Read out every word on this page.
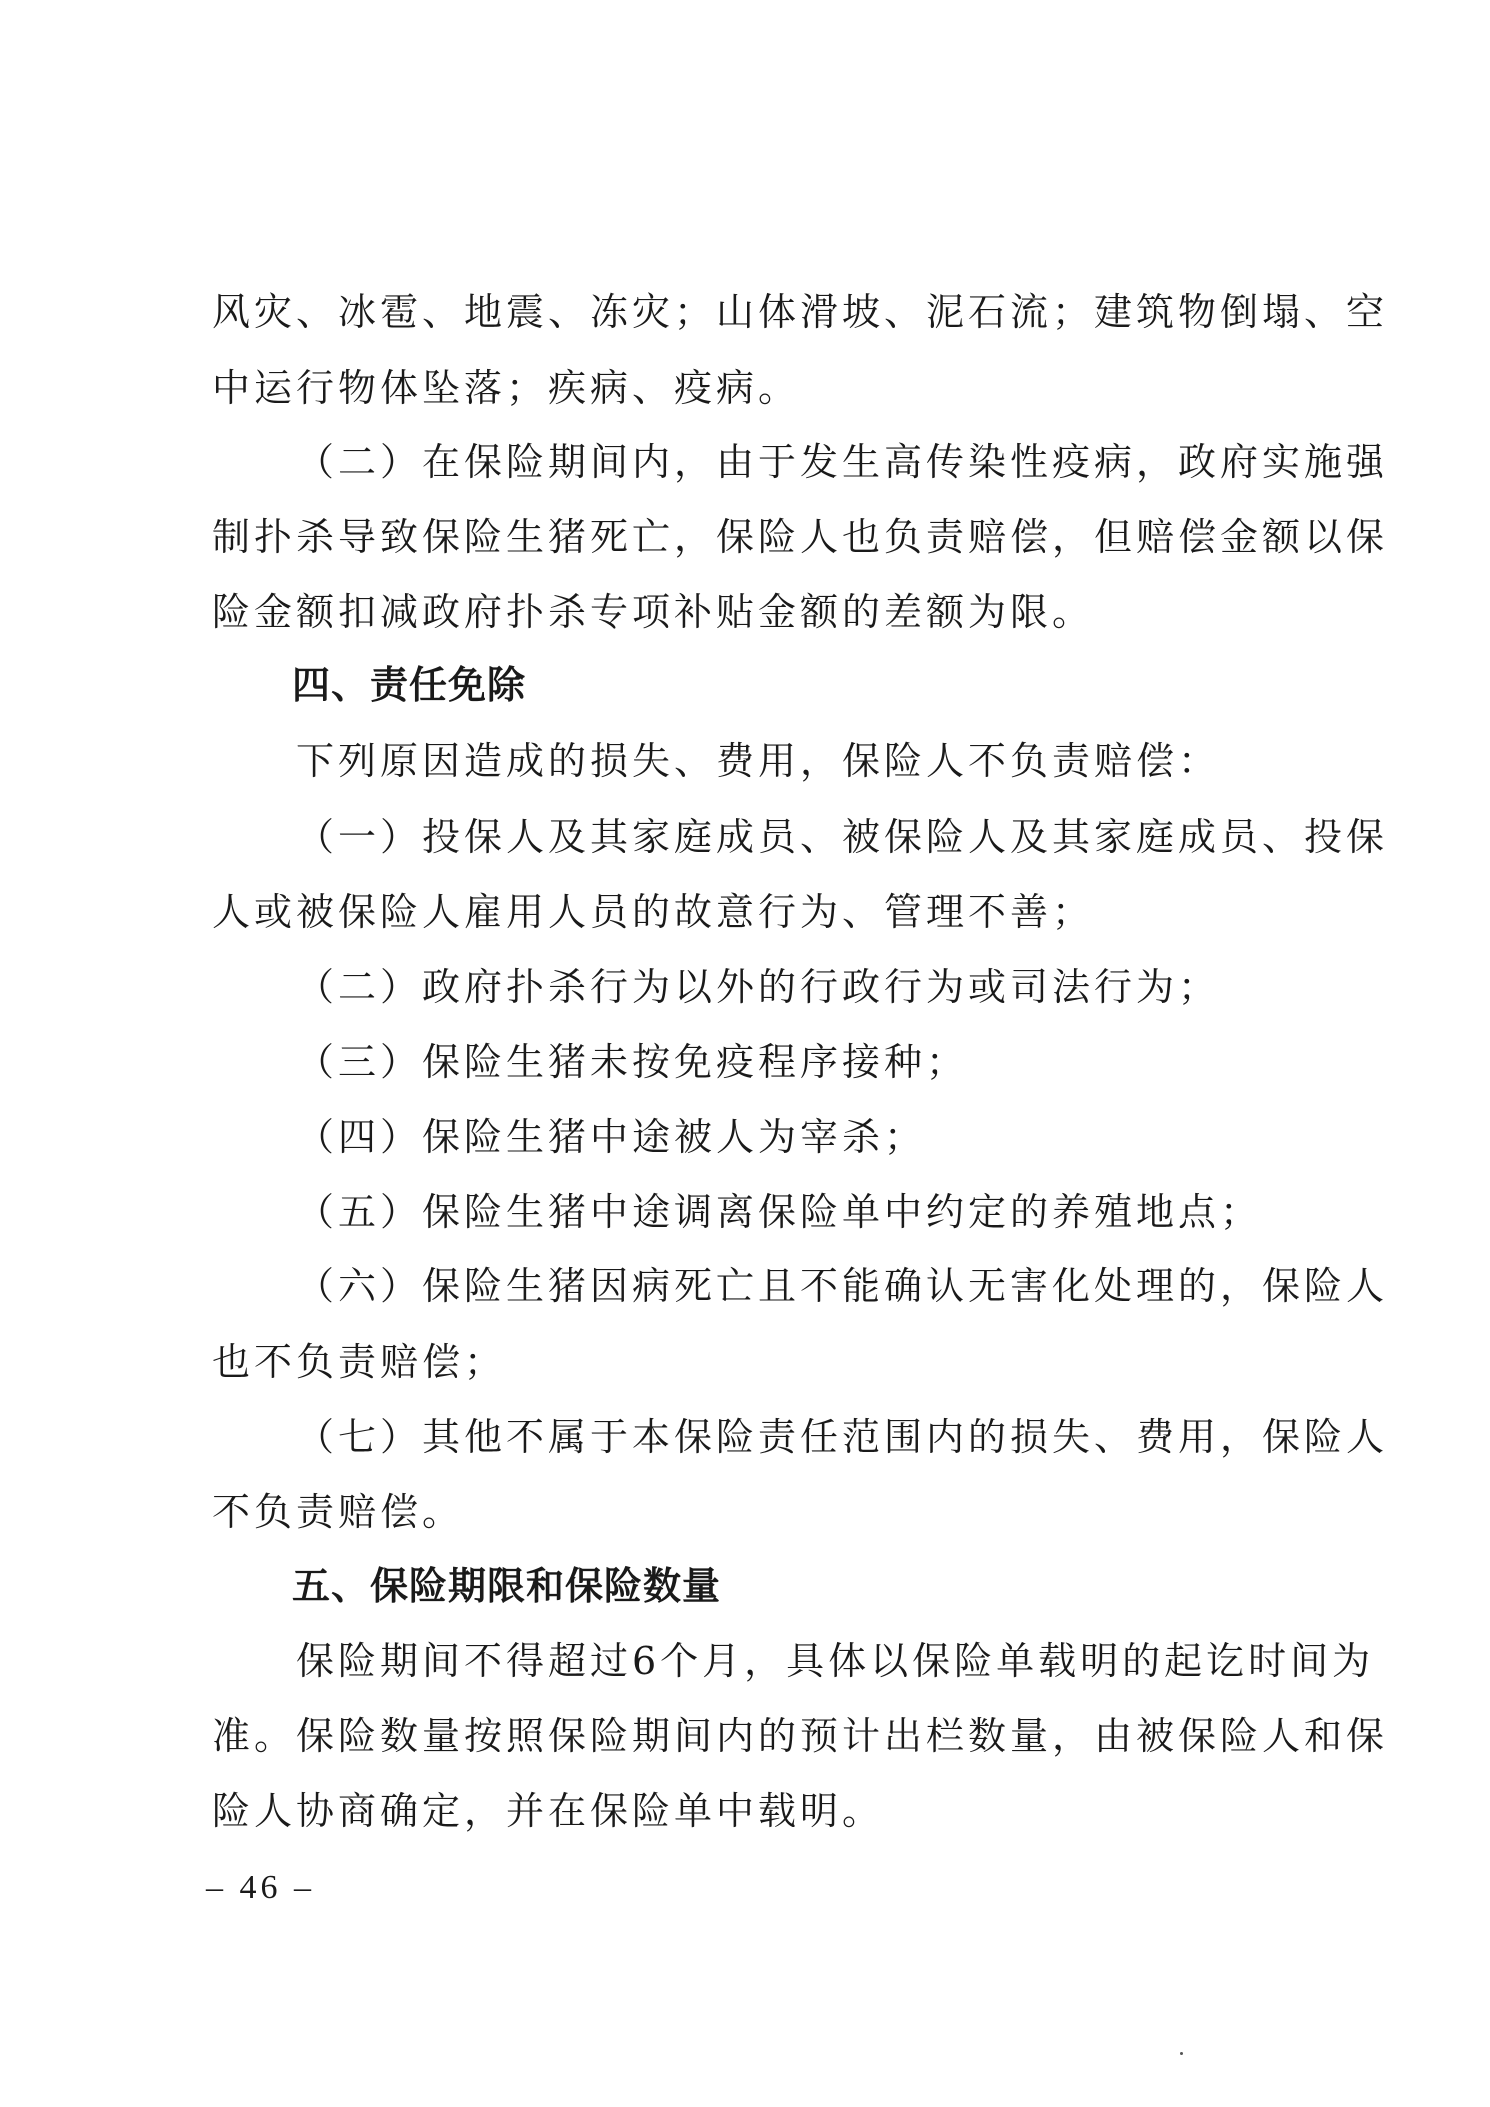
风灾、冰雹、地震、冻灾；山体滑坡、泥石流；建筑物倒塌、空
中运行物体坠落；疾病、疫病。
（二）在保险期间内，由于发生高传染性疫病，政府实施强
制扑杀导致保险生猪死亡，保险人也负责赔偿，但赔偿金额以保
险金额扣减政府扑杀专项补贴金额的差额为限。
四、责任免除
下列原因造成的损失、费用，保险人不负责赔偿：
（一）投保人及其家庭成员、被保险人及其家庭成员、投保
人或被保险人雇用人员的故意行为、管理不善；
（二）政府扑杀行为以外的行政行为或司法行为；
（三）保险生猪未按免疫程序接种；
（四）保险生猪中途被人为宰杀；
（五）保险生猪中途调离保险单中约定的养殖地点；
（六）保险生猪因病死亡且不能确认无害化处理的，保险人
也不负责赔偿；
（七）其他不属于本保险责任范围内的损失、费用，保险人
不负责赔偿。
五、保险期限和保险数量
保险期间不得超过6个月，具体以保险单载明的起讫时间为
准。保险数量按照保险期间内的预计出栏数量，由被保险人和保
险人协商确定，并在保险单中载明。
– 46 –
